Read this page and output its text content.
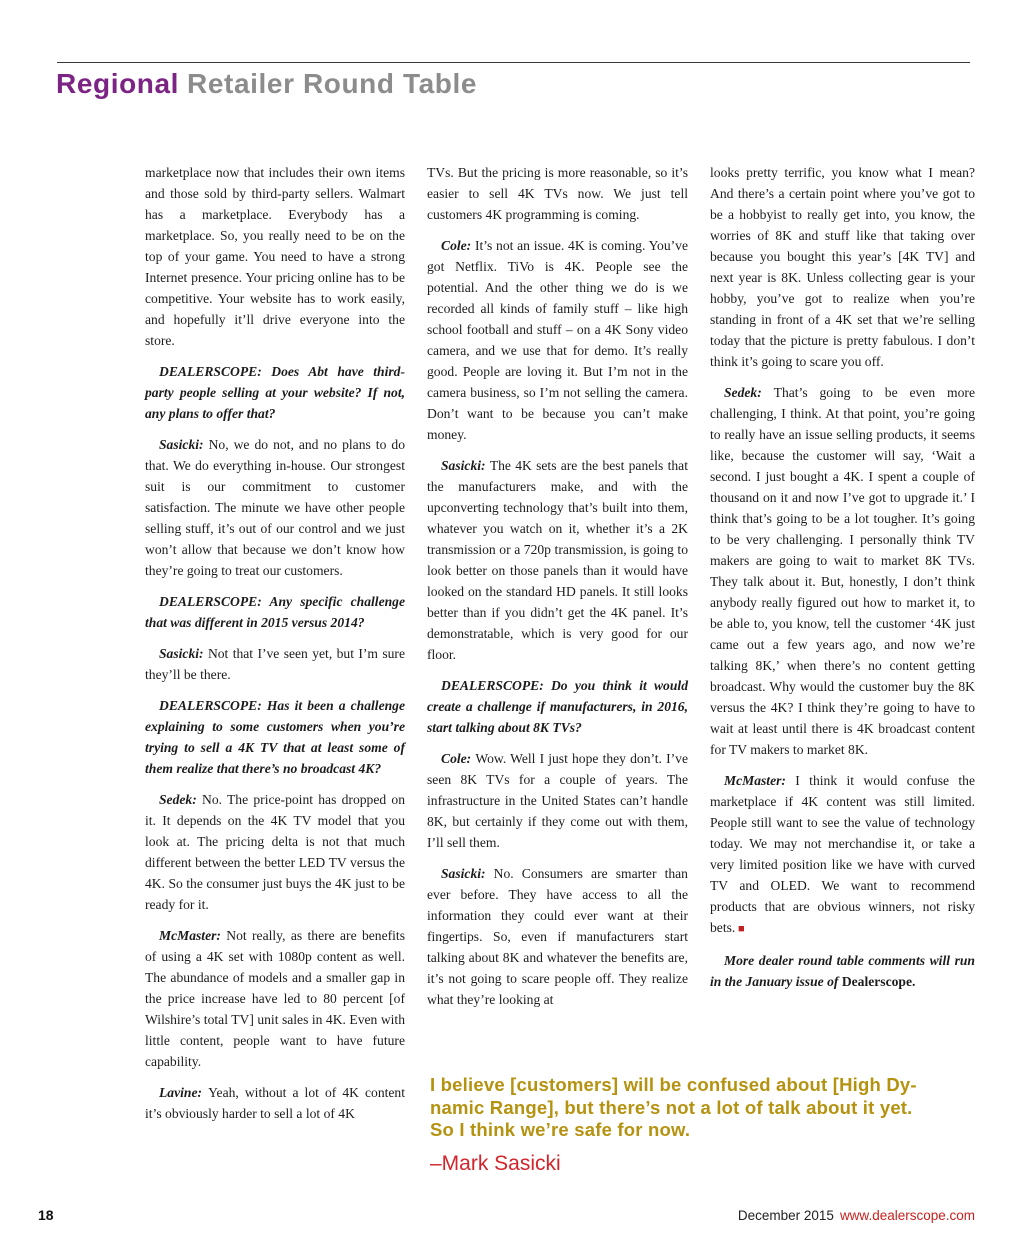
Regional Retailer Round Table

marketplace now that includes their own items and those sold by third-party sellers. Walmart has a marketplace. Everybody has a marketplace. So, you really need to be on the top of your game. You need to have a strong Internet presence. Your pricing online has to be competitive. Your website has to work easily, and hopefully it’ll drive everyone into the store.

DEALERSCOPE: Does Abt have third-party people selling at your website? If not, any plans to offer that?

Sasicki: No, we do not, and no plans to do that. We do everything in-house. Our strongest suit is our commitment to customer satisfaction. The minute we have other people selling stuff, it’s out of our control and we just won’t allow that because we don’t know how they’re going to treat our customers.

DEALERSCOPE: Any specific challenge that was different in 2015 versus 2014?

Sasicki: Not that I’ve seen yet, but I’m sure they’ll be there.

DEALERSCOPE: Has it been a challenge explaining to some customers when you’re trying to sell a 4K TV that at least some of them realize that there’s no broadcast 4K?

Sedek: No. The price-point has dropped on it. It depends on the 4K TV model that you look at. The pricing delta is not that much different between the better LED TV versus the 4K. So the consumer just buys the 4K just to be ready for it.

McMaster: Not really, as there are benefits of using a 4K set with 1080p content as well. The abundance of models and a smaller gap in the price increase have led to 80 percent [of Wilshire’s total TV] unit sales in 4K. Even with little content, people want to have future capability.

Lavine: Yeah, without a lot of 4K content it’s obviously harder to sell a lot of 4K

TVs. But the pricing is more reasonable, so it’s easier to sell 4K TVs now. We just tell customers 4K programming is coming.

Cole: It’s not an issue. 4K is coming. You’ve got Netflix. TiVo is 4K. People see the potential. And the other thing we do is we recorded all kinds of family stuff – like high school football and stuff – on a 4K Sony video camera, and we use that for demo. It’s really good. People are loving it. But I’m not in the camera business, so I’m not selling the camera. Don’t want to be because you can’t make money.

Sasicki: The 4K sets are the best panels that the manufacturers make, and with the upconverting technology that’s built into them, whatever you watch on it, whether it’s a 2K transmission or a 720p transmission, is going to look better on those panels than it would have looked on the standard HD panels. It still looks better than if you didn’t get the 4K panel. It’s demonstratable, which is very good for our floor.

DEALERSCOPE: Do you think it would create a challenge if manufacturers, in 2016, start talking about 8K TVs?

Cole: Wow. Well I just hope they don’t. I’ve seen 8K TVs for a couple of years. The infrastructure in the United States can’t handle 8K, but certainly if they come out with them, I’ll sell them.

Sasicki: No. Consumers are smarter than ever before. They have access to all the information they could ever want at their fingertips. So, even if manufacturers start talking about 8K and whatever the benefits are, it’s not going to scare people off. They realize what they’re looking at

looks pretty terrific, you know what I mean? And there’s a certain point where you’ve got to be a hobbyist to really get into, you know, the worries of 8K and stuff like that taking over because you bought this year’s [4K TV] and next year is 8K. Unless collecting gear is your hobby, you’ve got to realize when you’re standing in front of a 4K set that we’re selling today that the picture is pretty fabulous. I don’t think it’s going to scare you off.

Sedek: That’s going to be even more challenging, I think. At that point, you’re going to really have an issue selling products, it seems like, because the customer will say, ‘Wait a second. I just bought a 4K. I spent a couple of thousand on it and now I’ve got to upgrade it.’ I think that’s going to be a lot tougher. It’s going to be very challenging. I personally think TV makers are going to wait to market 8K TVs. They talk about it. But, honestly, I don’t think anybody really figured out how to market it, to be able to, you know, tell the customer ‘4K just came out a few years ago, and now we’re talking 8K,’ when there’s no content getting broadcast. Why would the customer buy the 8K versus the 4K? I think they’re going to have to wait at least until there is 4K broadcast content for TV makers to market 8K.

McMaster: I think it would confuse the marketplace if 4K content was still limited. People still want to see the value of technology today. We may not merchandise it, or take a very limited position like we have with curved TV and OLED. We want to recommend products that are obvious winners, not risky bets. ■

More dealer round table comments will run in the January issue of Dealerscope.

I believe [customers] will be confused about [High Dy-
namic Range], but there’s not a lot of talk about it yet.
So I think we’re safe for now.
–Mark Sasicki
18	December 2015 www.dealerscope.com
